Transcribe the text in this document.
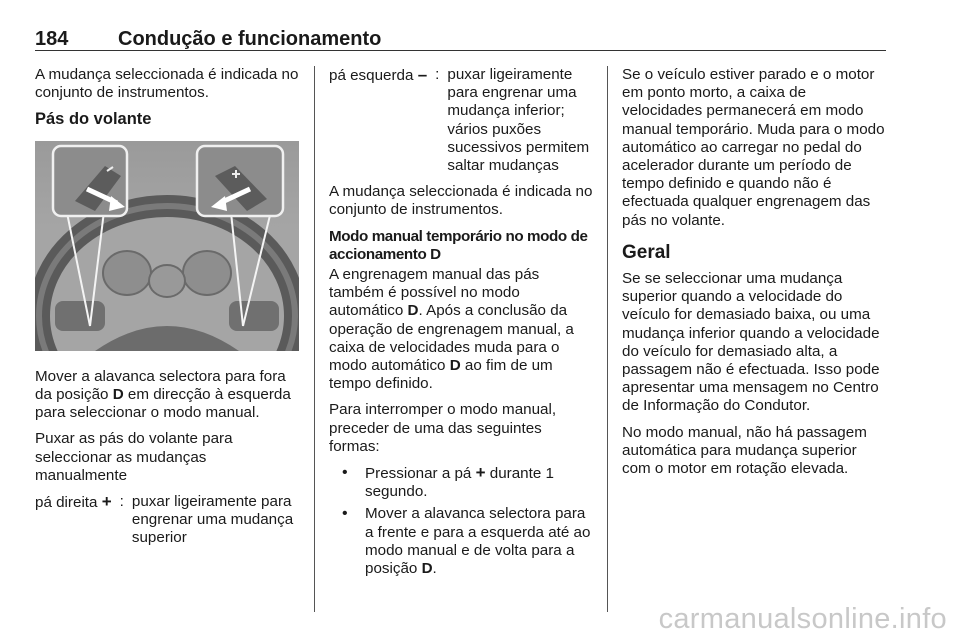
184 Condução e funcionamento

A mudança seleccionada é indicada no conjunto de instrumentos.

Pás do volante

Mover a alavanca selectora para fora da posição D em direcção à esquerda para seleccionar o modo manual.

Puxar as pás do volante para seleccionar as mudanças manualmente

pá direita + : puxar ligeiramente para engrenar uma mudança superior
pá esquerda – : puxar ligeiramente para engrenar uma mudança inferior; vários puxões sucessivos permitem saltar mudanças

A mudança seleccionada é indicada no conjunto de instrumentos.

Modo manual temporário no modo de accionamento D

A engrenagem manual das pás também é possível no modo automático D. Após a conclusão da operação de engrenagem manual, a caixa de velocidades muda para o modo automático D ao fim de um tempo definido.

Para interromper o modo manual, preceder de uma das seguintes formas:

• Pressionar a pá + durante 1 segundo.
• Mover a alavanca selectora para a frente e para a esquerda até ao modo manual e de volta para a posição D.

Se o veículo estiver parado e o motor em ponto morto, a caixa de velocidades permanecerá em modo manual temporário. Muda para o modo automático ao carregar no pedal do acelerador durante um período de tempo definido e quando não é efectuada qualquer engrenagem das pás no volante.

Geral

Se se seleccionar uma mudança superior quando a velocidade do veículo for demasiado baixa, ou uma mudança inferior quando a velocidade do veículo for demasiado alta, a passagem não é efectuada. Isso pode apresentar uma mensagem no Centro de Informação do Condutor.

No modo manual, não há passagem automática para mudança superior com o motor em rotação elevada.

carmanualsonline.info
